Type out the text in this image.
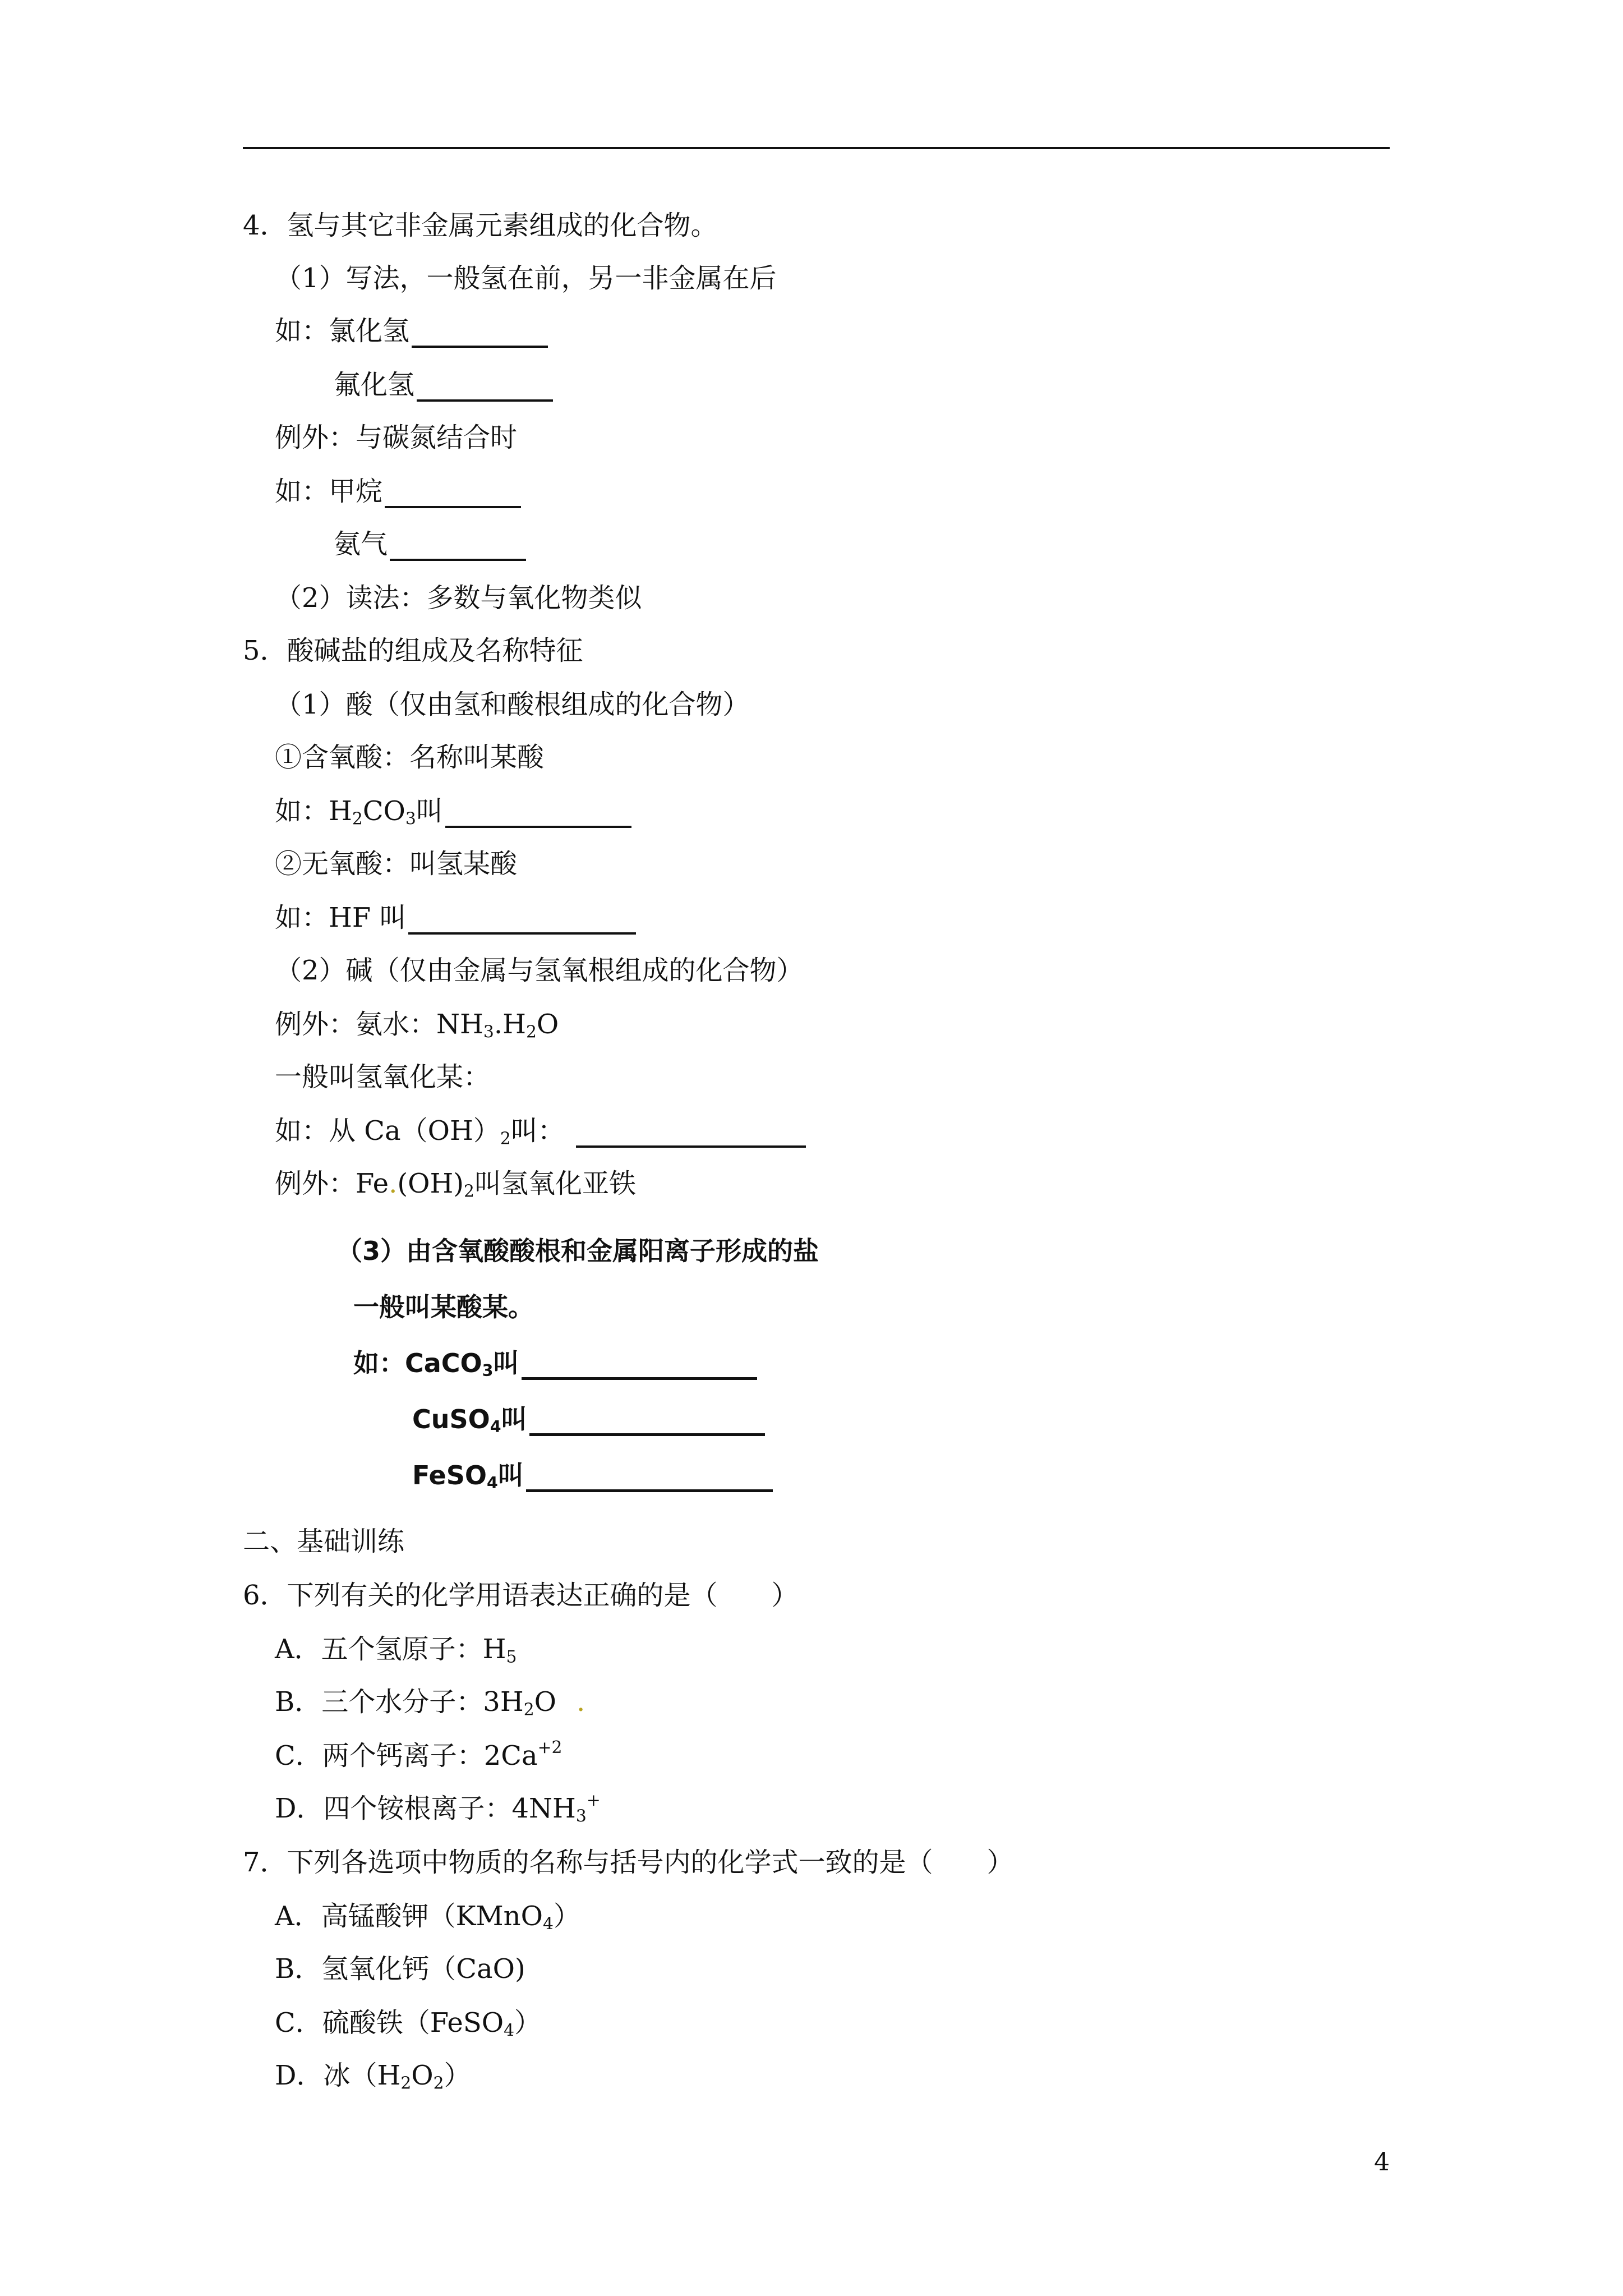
4．氢与其它非金属元素组成的化合物。
（1）写法，一般氢在前，另一非金属在后
如：氯化氢
氟化氢
例外：与碳氮结合时
如：甲烷
氨气
（2）读法：多数与氧化物类似
5．酸碱盐的组成及名称特征
（1）酸（仅由氢和酸根组成的化合物）
①含氧酸：名称叫某酸
如：$H_2CO_3$叫
②无氧酸：叫氢某酸
如：HF 叫
（2）碱（仅由金属与氢氧根组成的化合物）
例外：氨水：$NH_3.H_2O$
一般叫氢氧化某：
如：从 $Ca(OH)_2$叫：
例外：$Fe.(OH)_2$叫氢氧化亚铁
（3）由含氧酸酸根和金属阳离子形成的盐
一般叫某酸某。
如：CaCO$_3$叫
CuSO$_4$叫
FeSO$_4$叫
二、基础训练
6．下列有关的化学用语表达正确的是（　　）
A．五个氢原子：$H_5$
B．三个水分子：$3H_2O$ .
C．两个钙离子：$2Ca^{+2}$
D．四个铵根离子：$4NH_3^+$
7．下列各选项中物质的名称与括号内的化学式一致的是（　　）
A．高锰酸钾（KMnO$_4$）
B．氢氧化钙（CaO)
C．硫酸铁（FeSO$_4$）
D．冰$(H_2O_2)$
4
